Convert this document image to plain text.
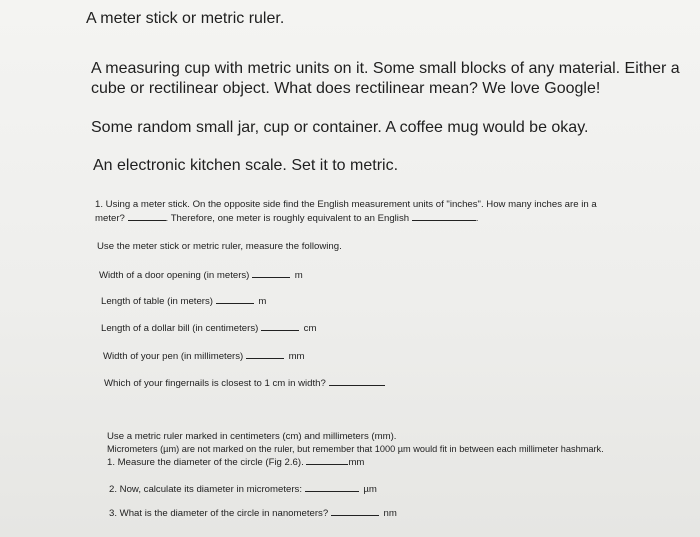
A meter stick or metric ruler.
A measuring cup with metric units on it. Some small blocks of any material. Either a
cube or rectilinear object. What does rectilinear mean? We love Google!
Some random small jar, cup or container. A coffee mug would be okay.
An electronic kitchen scale. Set it to metric.
1. Using a meter stick. On the opposite side find the English measurement units of "inches". How many inches are in a
meter?	. Therefore, one meter is roughly equivalent to an English	.
Use the meter stick or metric ruler, measure the following.
Width of a door opening (in meters)	m
Length of table (in meters)	m
Length of a dollar bill (in centimeters)	cm
Width of your pen (in millimeters)	mm
Which of your fingernails is closest to 1 cm in width?
Use a metric ruler marked in centimeters (cm) and millimeters (mm).
Micrometers (µm) are not marked on the ruler, but remember that 1000 µm would fit in between each millimeter hashmark.
1. Measure the diameter of the circle (Fig 2.6).	mm
2. Now, calculate its diameter in micrometers:	µm
3. What is the diameter of the circle in nanometers?	nm
